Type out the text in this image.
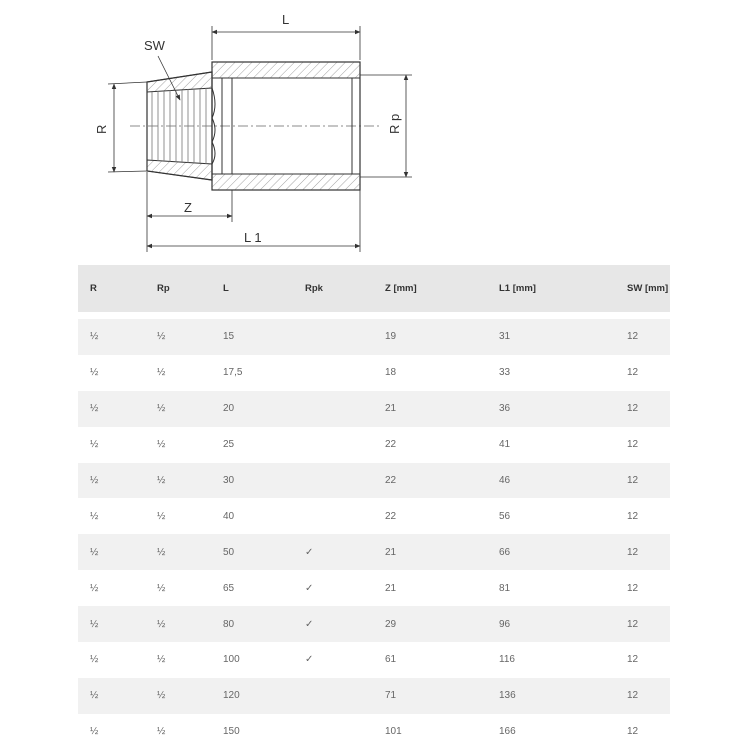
L
SW
R	R p
Z
L 1
R	Rp	L	Rpk	Z [mm]	L1 [mm]	SW [mm]

½	½	15		19	31	12
½	½	17,5		18	33	12
½	½	20		21	36	12
½	½	25		22	41	12
½	½	30		22	46	12
½	½	40		22	56	12
½	½	50	✓	21	66	12
½	½	65	✓	21	81	12
½	½	80	✓	29	96	12
½	½	100	✓	61	116	12
½	½	120		71	136	12
½	½	150		101	166	12
